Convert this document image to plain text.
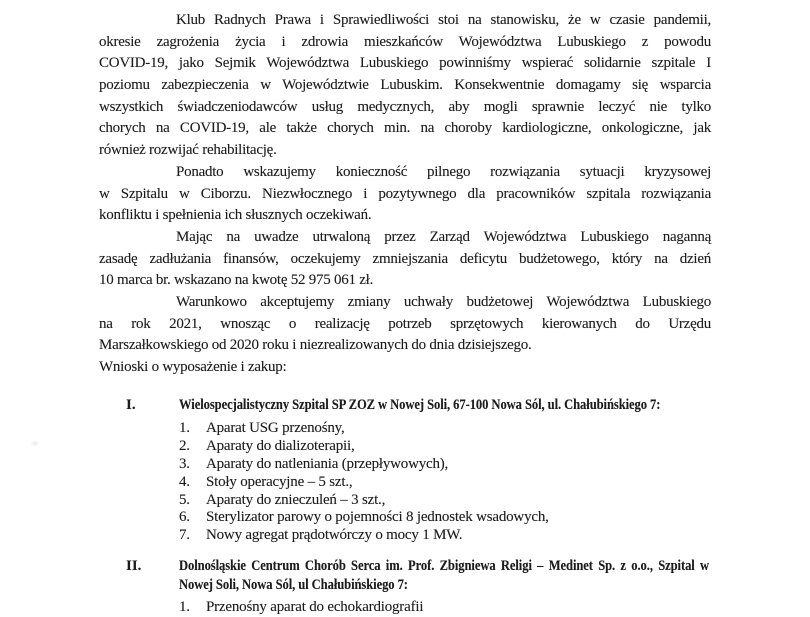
Klub Radnych Prawa i Sprawiedliwości stoi na stanowisku, że w czasie pandemii,
okresie zagrożenia życia i zdrowia mieszkańców Województwa Lubuskiego z powodu
COVID-19, jako Sejmik Województwa Lubuskiego powinniśmy wspierać solidarnie szpitale I
poziomu zabezpieczenia w Województwie Lubuskim. Konsekwentnie domagamy się wsparcia
wszystkich świadczeniodawców usług medycznych, aby mogli sprawnie leczyć nie tylko
chorych na COVID-19, ale także chorych min. na choroby kardiologiczne, onkologiczne, jak
również rozwijać rehabilitację.
Ponadto wskazujemy konieczność pilnego rozwiązania sytuacji kryzysowej
w Szpitalu w Ciborzu. Niezwłocznego i pozytywnego dla pracowników szpitala rozwiązania
konfliktu i spełnienia ich słusznych oczekiwań.
Mając na uwadze utrwaloną przez Zarząd Województwa Lubuskiego naganną
zasadę zadłużania finansów, oczekujemy zmniejszania deficytu budżetowego, który na dzień
10 marca br. wskazano na kwotę 52 975 061 zł.
Warunkowo akceptujemy zmiany uchwały budżetowej Województwa Lubuskiego
na rok 2021, wnosząc o realizację potrzeb sprzętowych kierowanych do Urzędu
Marszałkowskiego od 2020 roku i niezrealizowanych do dnia dzisiejszego.
Wnioski o wyposażenie i zakup:
I.	Wielospecjalistyczny Szpital SP ZOZ w Nowej Soli, 67-100 Nowa Sól, ul. Chałubińskiego 7:
1.	Aparat USG przenośny,
2.	Aparaty do dializoterapii,
3.	Aparaty do natleniania (przepływowych),
4.	Stoły operacyjne – 5 szt.,
5.	Aparaty do znieczuleń – 3 szt.,
6.	Sterylizator parowy o pojemności 8 jednostek wsadowych,
7.	Nowy agregat prądotwórczy o mocy 1 MW.
II.	Dolnośląskie Centrum Chorób Serca im. Prof. Zbigniewa Religi – Medinet Sp. z o.o., Szpital w
Nowej Soli, Nowa Sól, ul Chałubińskiego 7:
1.	Przenośny aparat do echokardiografii
